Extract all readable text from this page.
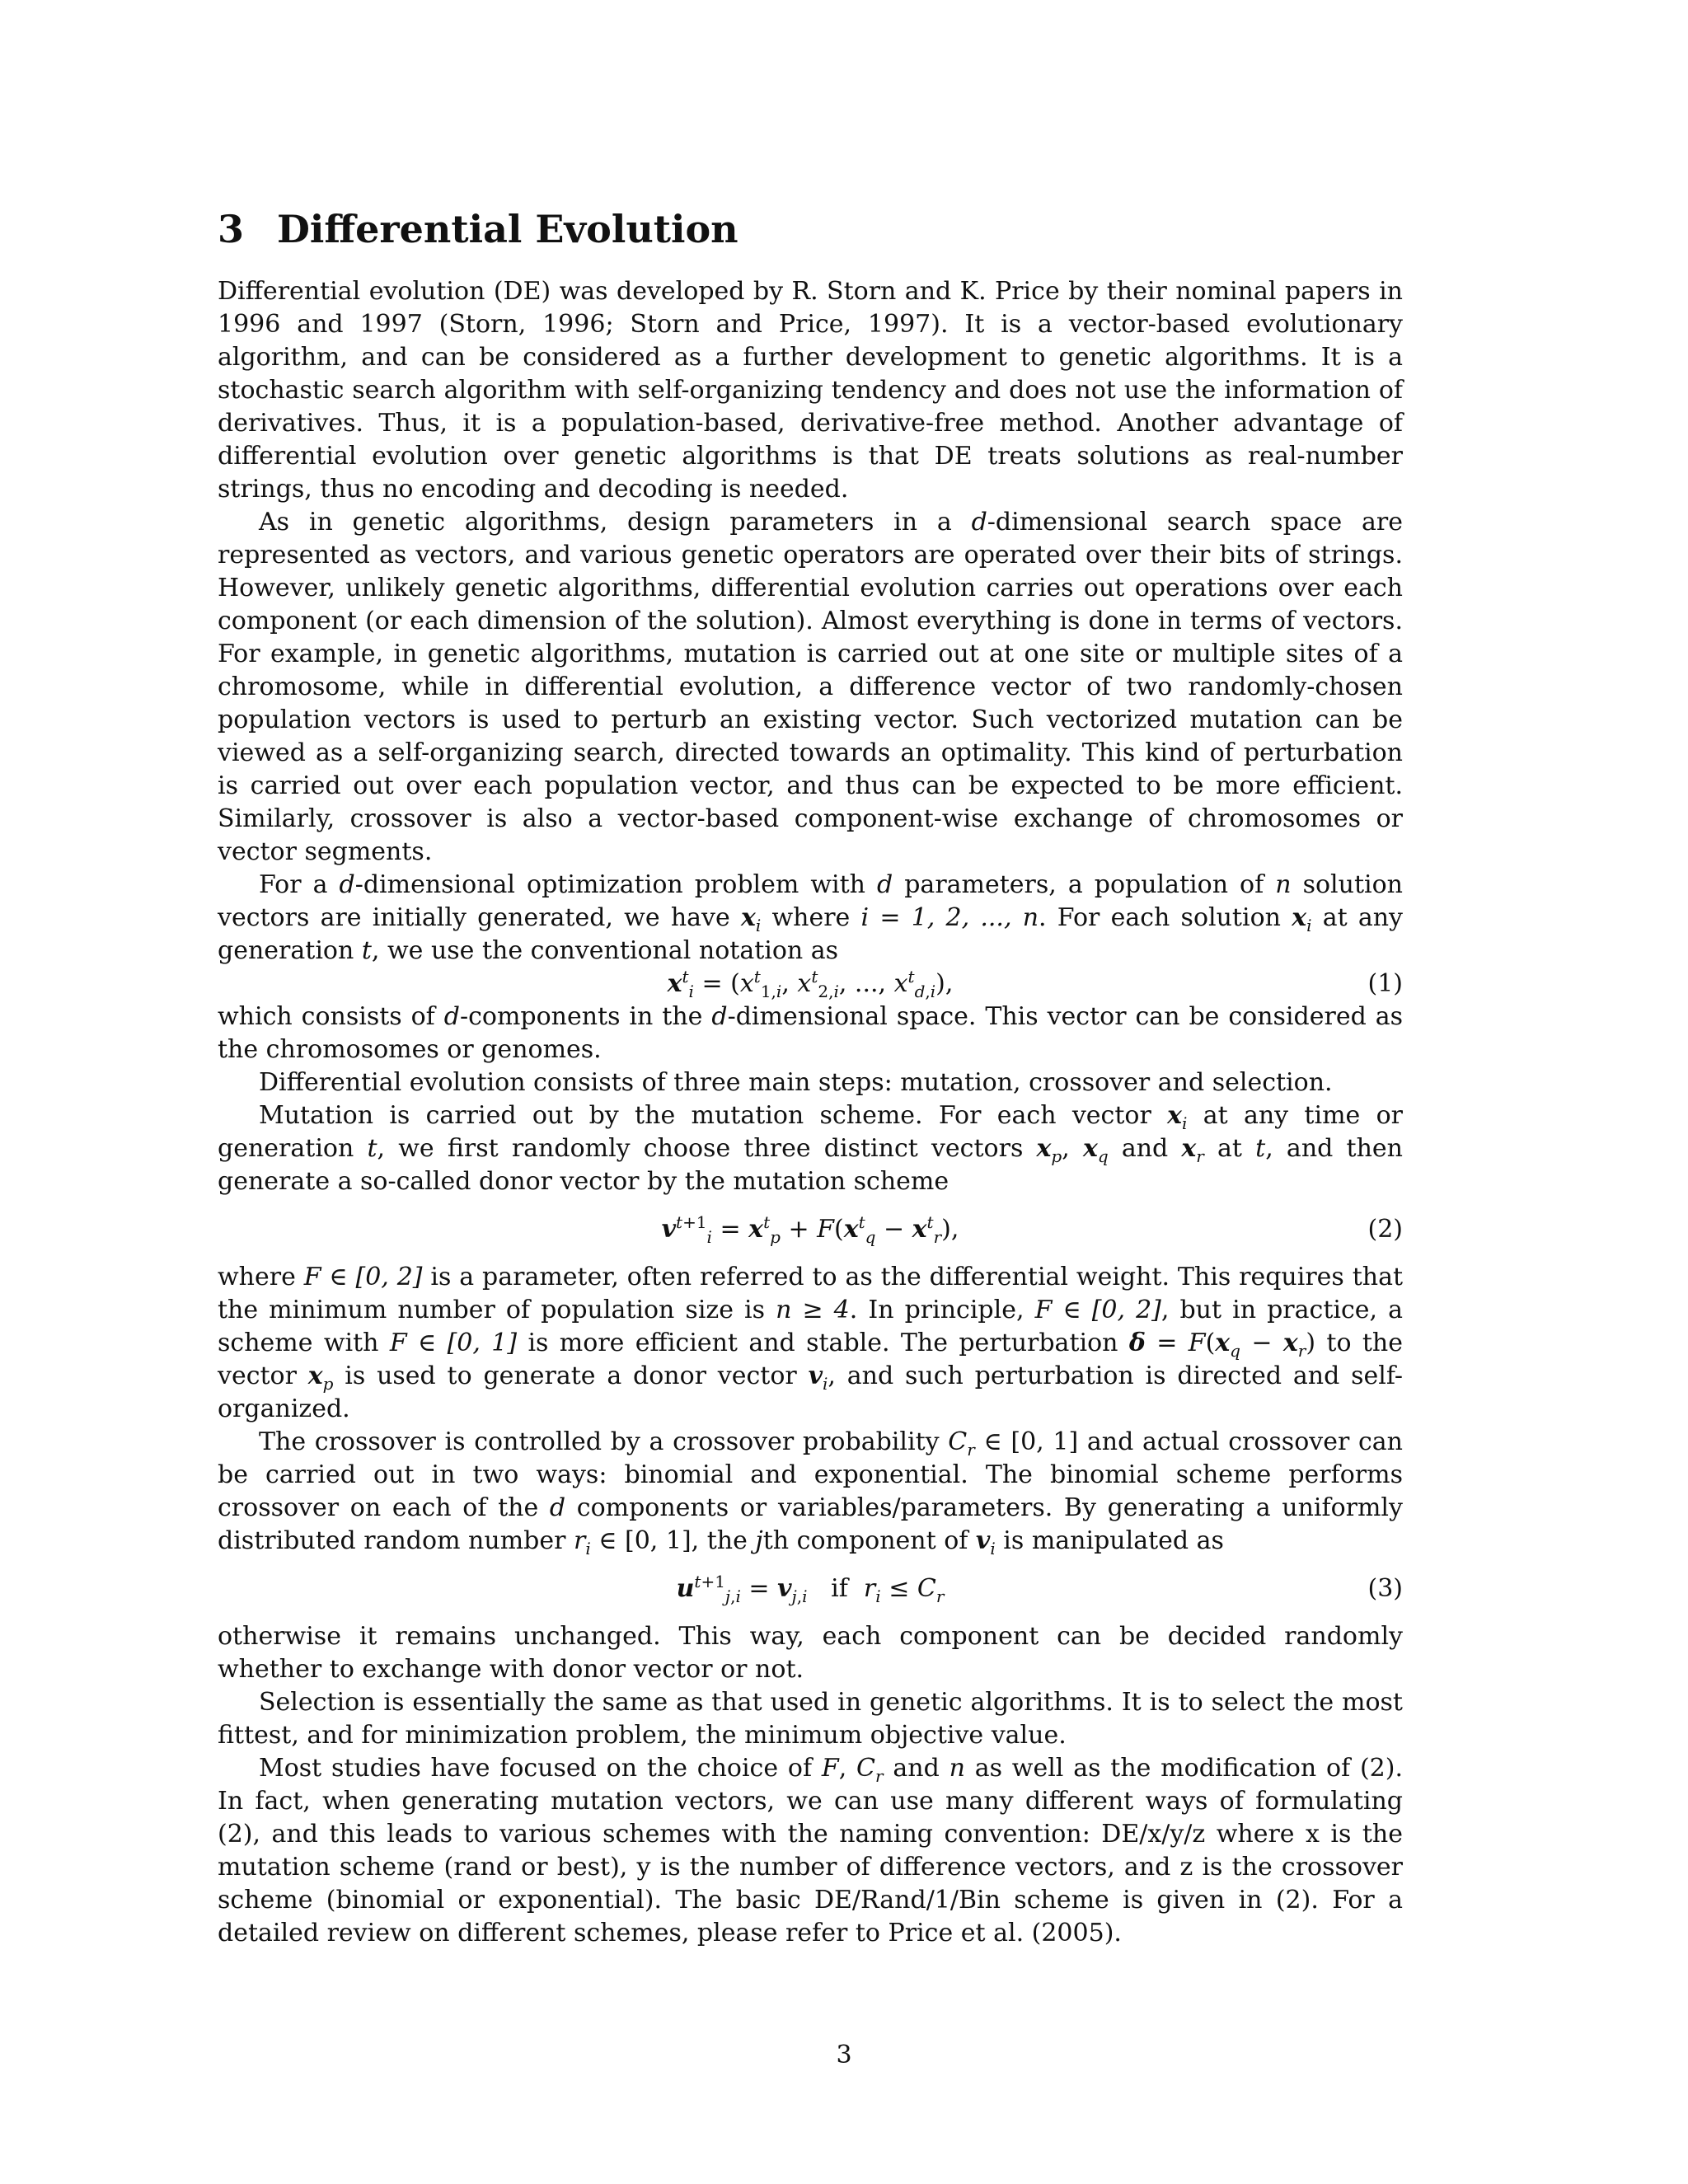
3 Differential Evolution

Differential evolution (DE) was developed by R. Storn and K. Price by their nominal papers in 1996 and 1997 (Storn, 1996; Storn and Price, 1997). It is a vector-based evolutionary algorithm, and can be considered as a further development to genetic algorithms. It is a stochastic search algorithm with self-organizing tendency and does not use the information of derivatives. Thus, it is a population-based, derivative-free method. Another advantage of differential evolution over genetic algorithms is that DE treats solutions as real-number strings, thus no encoding and decoding is needed.

As in genetic algorithms, design parameters in a d-dimensional search space are represented as vectors, and various genetic operators are operated over their bits of strings. However, unlikely genetic algorithms, differential evolution carries out operations over each component (or each dimension of the solution). Almost everything is done in terms of vectors. For example, in genetic algorithms, mutation is carried out at one site or multiple sites of a chromosome, while in differential evolution, a difference vector of two randomly-chosen population vectors is used to perturb an existing vector. Such vectorized mutation can be viewed as a self-organizing search, directed towards an optimality. This kind of perturbation is carried out over each population vector, and thus can be expected to be more efficient. Similarly, crossover is also a vector-based component-wise exchange of chromosomes or vector segments.

For a d-dimensional optimization problem with d parameters, a population of n solution vectors are initially generated, we have $x_i$ where i = 1, 2, ..., n. For each solution $x_i$ at any generation t, we use the conventional notation as

$x^t_i = (x^t_{1,i}$, $x^t_{2,i}$, ..., $x^t_{d,i}$),	(1)

which consists of d-components in the d-dimensional space. This vector can be considered as the chromosomes or genomes.

Differential evolution consists of three main steps: mutation, crossover and selection.

Mutation is carried out by the mutation scheme. For each vector $x_i$ at any time or generation t, we first randomly choose three distinct vectors $x_p$, $x_q$ and $x_r$ at t, and then generate a so-called donor vector by the mutation scheme

$v^{t+1}_i = x^t_p + F(x^t_q - x^t_r)$,	(2)

where F ∈ [0, 2] is a parameter, often referred to as the differential weight. This requires that the minimum number of population size is n ≥ 4. In principle, F ∈ [0, 2], but in practice, a scheme with F ∈ [0, 1] is more efficient and stable. The perturbation $\delta = F(x_q - x_r)$ to the vector $x_p$ is used to generate a donor vector $v_i$, and such perturbation is directed and self-organized.

The crossover is controlled by a crossover probability $C_r$ ∈ [0, 1] and actual crossover can be carried out in two ways: binomial and exponential. The binomial scheme performs crossover on each of the d components or variables/parameters. By generating a uniformly distributed random number $r_i$ ∈ [0, 1], the jth component of $v_i$ is manipulated as

$u^{t+1}_{j,i} = v_{j,i}$ if $r_i \le C_r$	(3)

otherwise it remains unchanged. This way, each component can be decided randomly whether to exchange with donor vector or not.

Selection is essentially the same as that used in genetic algorithms. It is to select the most fittest, and for minimization problem, the minimum objective value.

Most studies have focused on the choice of F, $C_r$ and n as well as the modification of (2). In fact, when generating mutation vectors, we can use many different ways of formulating (2), and this leads to various schemes with the naming convention: DE/x/y/z where x is the mutation scheme (rand or best), y is the number of difference vectors, and z is the crossover scheme (binomial or exponential). The basic DE/Rand/1/Bin scheme is given in (2). For a detailed review on different schemes, please refer to Price et al. (2005).

3
